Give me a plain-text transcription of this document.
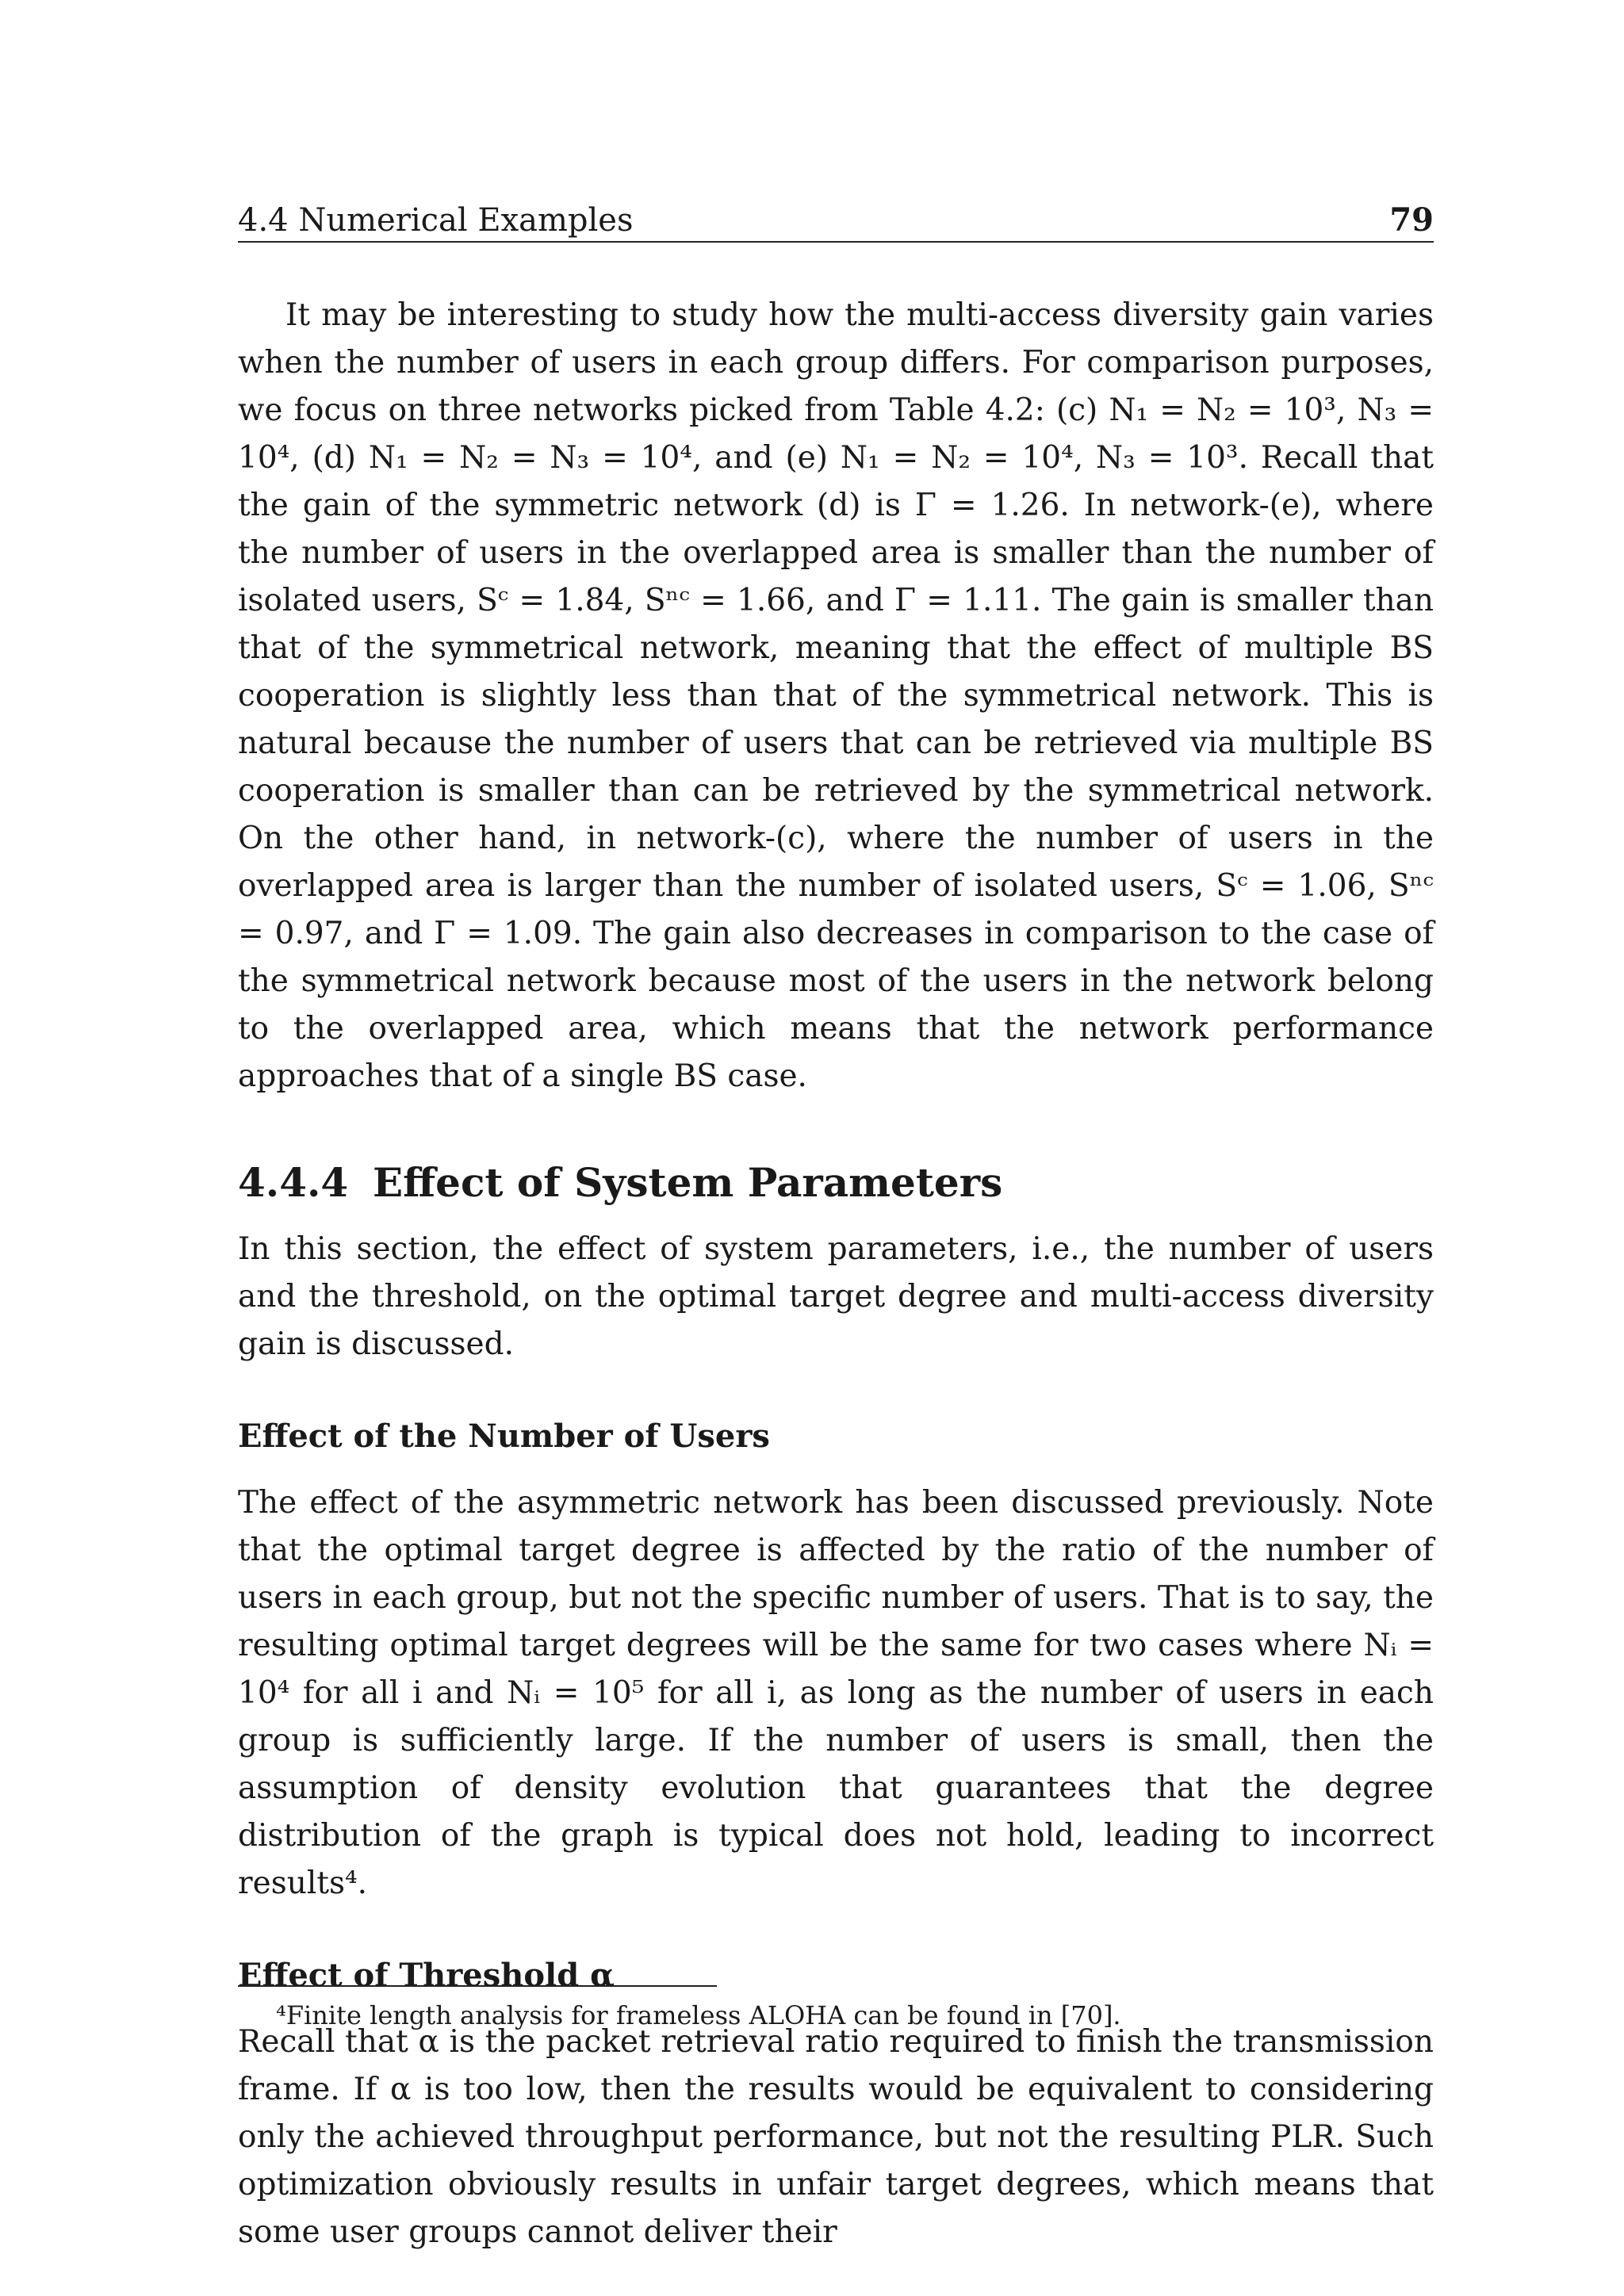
4.4 Numerical Examples	79

It may be interesting to study how the multi-access diversity gain varies when the number of users in each group differs. For comparison purposes, we focus on three networks picked from Table 4.2: (c) N₁ = N₂ = 10³, N₃ = 10⁴, (d) N₁ = N₂ = N₃ = 10⁴, and (e) N₁ = N₂ = 10⁴, N₃ = 10³. Recall that the gain of the symmetric network (d) is Γ = 1.26. In network-(e), where the number of users in the overlapped area is smaller than the number of isolated users, Sᶜ = 1.84, Sⁿᶜ = 1.66, and Γ = 1.11. The gain is smaller than that of the symmetrical network, meaning that the effect of multiple BS cooperation is slightly less than that of the symmetrical network. This is natural because the number of users that can be retrieved via multiple BS cooperation is smaller than can be retrieved by the symmetrical network. On the other hand, in network-(c), where the number of users in the overlapped area is larger than the number of isolated users, Sᶜ = 1.06, Sⁿᶜ = 0.97, and Γ = 1.09. The gain also decreases in comparison to the case of the symmetrical network because most of the users in the network belong to the overlapped area, which means that the network performance approaches that of a single BS case.

4.4.4 Effect of System Parameters

In this section, the effect of system parameters, i.e., the number of users and the threshold, on the optimal target degree and multi-access diversity gain is discussed.

Effect of the Number of Users

The effect of the asymmetric network has been discussed previously. Note that the optimal target degree is affected by the ratio of the number of users in each group, but not the specific number of users. That is to say, the resulting optimal target degrees will be the same for two cases where Nᵢ = 10⁴ for all i and Nᵢ = 10⁵ for all i, as long as the number of users in each group is sufficiently large. If the number of users is small, then the assumption of density evolution that guarantees that the degree distribution of the graph is typical does not hold, leading to incorrect results⁴.

Effect of Threshold α

Recall that α is the packet retrieval ratio required to finish the transmission frame. If α is too low, then the results would be equivalent to considering only the achieved throughput performance, but not the resulting PLR. Such optimization obviously results in unfair target degrees, which means that some user groups cannot deliver their

⁴Finite length analysis for frameless ALOHA can be found in [70].
